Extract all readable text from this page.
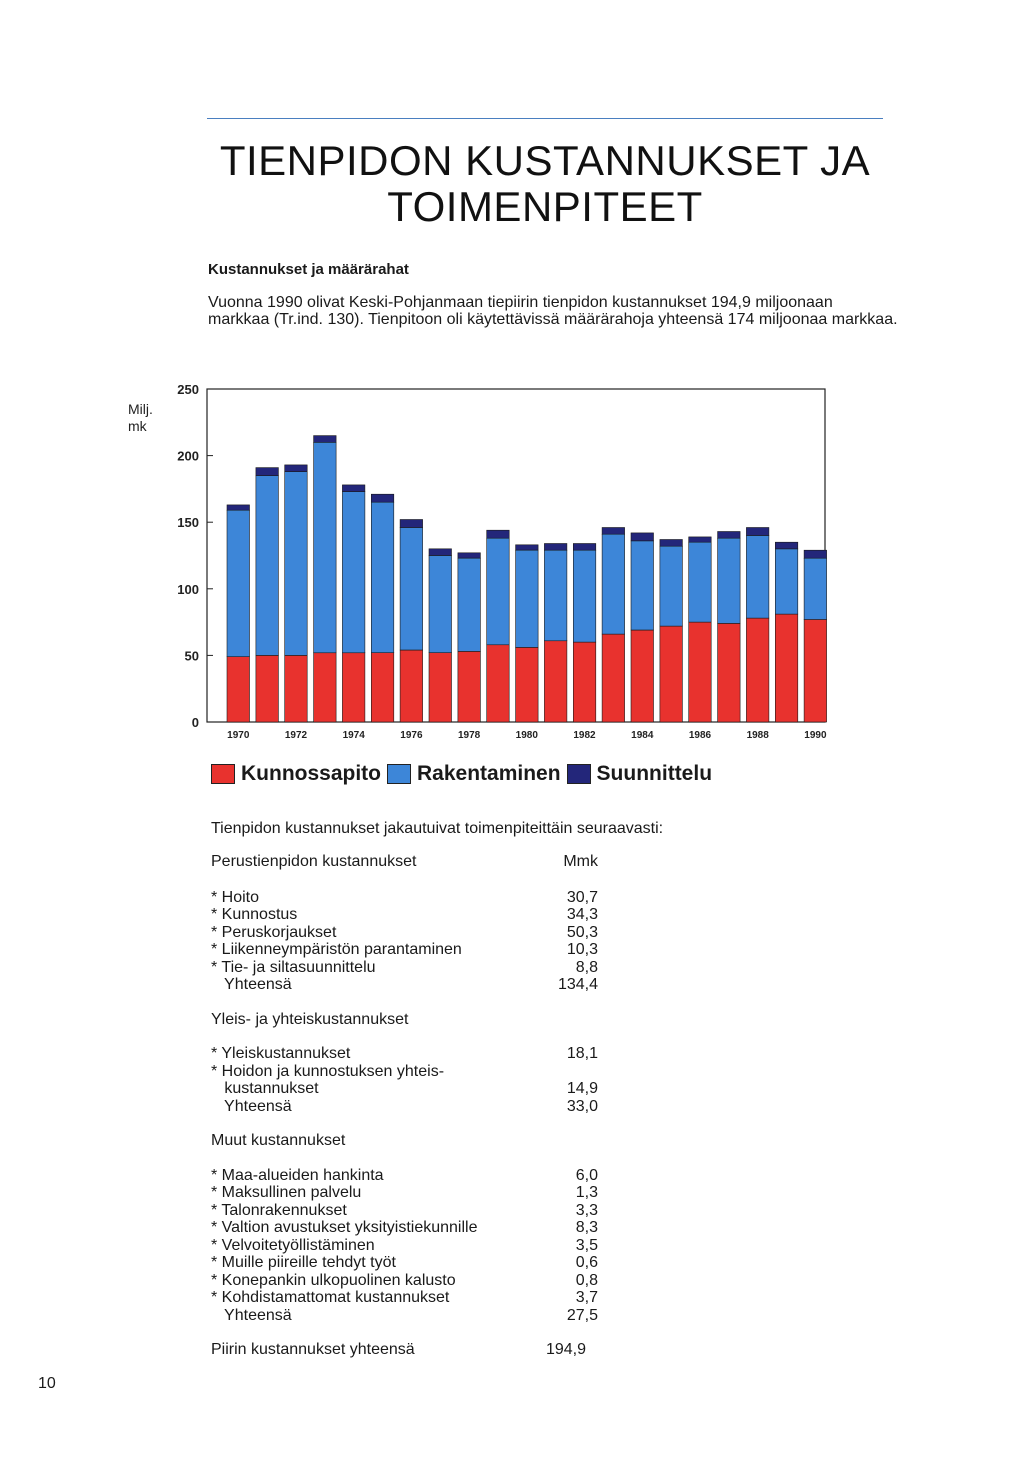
TIENPIDON KUSTANNUKSET JA
TOIMENPITEET
Kustannukset ja määrärahat
Vuonna 1990 olivat Keski-Pohjanmaan tiepiirin tienpidon kustannukset 194,9 miljoonaan markkaa (Tr.ind. 130). Tienpitoon oli käytettävissä määrärahoja yhteensä 174 miljoonaa markkaa.
Milj.
mk
250
200
150
100
50
0
1970	1972	1974	1976	1978	1980	1982	1984	1986	1988	1990
Kunnossapito Rakentaminen Suunnittelu
Tienpidon kustannukset jakautuivat toimenpiteittäin seuraavasti:
Perustienpidon kustannukset	Mmk
* Hoito	30,7
* Kunnostus	34,3
* Peruskorjaukset	50,3
* Liikenneympäristön parantaminen	10,3
* Tie- ja siltasuunnittelu	8,8
Yhteensä	134,4
Yleis- ja yhteiskustannukset
* Yleiskustannukset	18,1
* Hoidon ja kunnostuksen yhteis-
kustannukset	14,9
Yhteensä	33,0
Muut kustannukset
* Maa-alueiden hankinta	6,0
* Maksullinen palvelu	1,3
* Talonrakennukset	3,3
* Valtion avustukset yksityistiekunnille	8,3
* Velvoitetyöllistäminen	3,5
* Muille piireille tehdyt työt	0,6
* Konepankin ulkopuolinen kalusto	0,8
* Kohdistamattomat kustannukset	3,7
Yhteensä	27,5
Piirin kustannukset yhteensä	194,9
10
